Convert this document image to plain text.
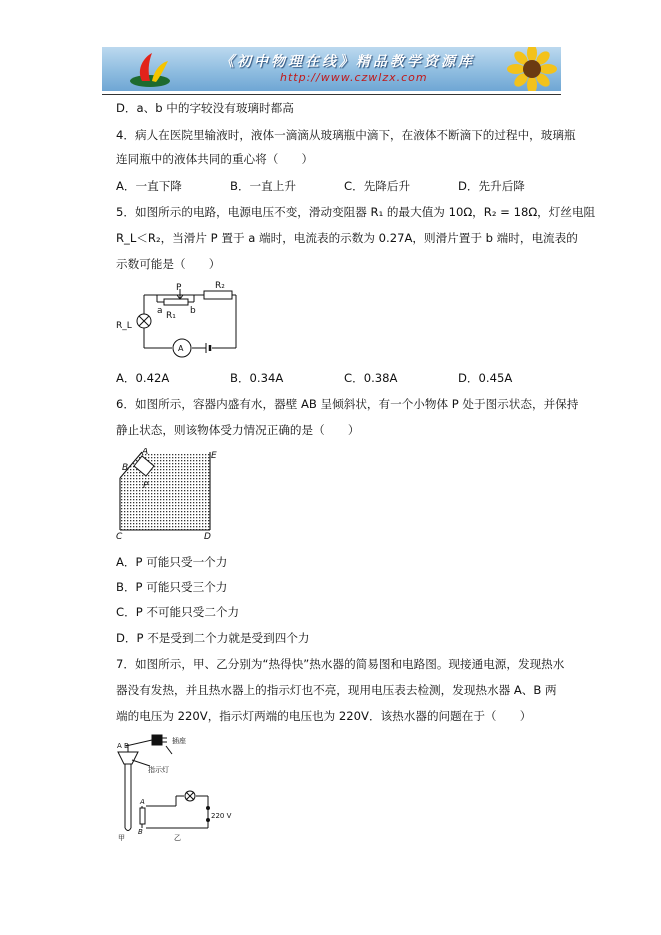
《初中物理在线》精品教学资源库
http://www.czwlzx.com
D．a、b 中的字较没有玻璃时都高
4．病人在医院里输液时，液体一滴滴从玻璃瓶中滴下，在液体不断滴下的过程中，玻璃瓶
连同瓶中的液体共同的重心将（　　）
A．一直下降	B．一直上升	C．先降后升	D．先升后降
5．如图所示的电路，电源电压不变，滑动变阻器 R₁ 的最大值为 10Ω，R₂ = 18Ω，灯丝电阻
R_L＜R₂，当滑片 P 置于 a 端时，电流表的示数为 0.27A，则滑片置于 b 端时，电流表的
示数可能是（　　）
P	R₂
a R₁ b
R_L
A
A．0.42A	B．0.34A	C．0.38A	D．0.45A
6．如图所示，容器内盛有水，器壁 AB 呈倾斜状，有一个小物体 P 处于图示状态，并保持
静止状态，则该物体受力情况正确的是（　　）
A
B
E
P
C	D
A．P 可能只受一个力
B．P 可能只受三个力
C．P 不可能只受二个力
D．P 不是受到二个力就是受到四个力
7．如图所示，甲、乙分别为“热得快”热水器的简易图和电路图。现接通电源，发现热水
器没有发热，并且热水器上的指示灯也不亮，现用电压表去检测，发现热水器 A、B 两
端的电压为 220V，指示灯两端的电压也为 220V．该热水器的问题在于（　　）
A B
插座
指示灯
A
B
220 V
甲	乙
